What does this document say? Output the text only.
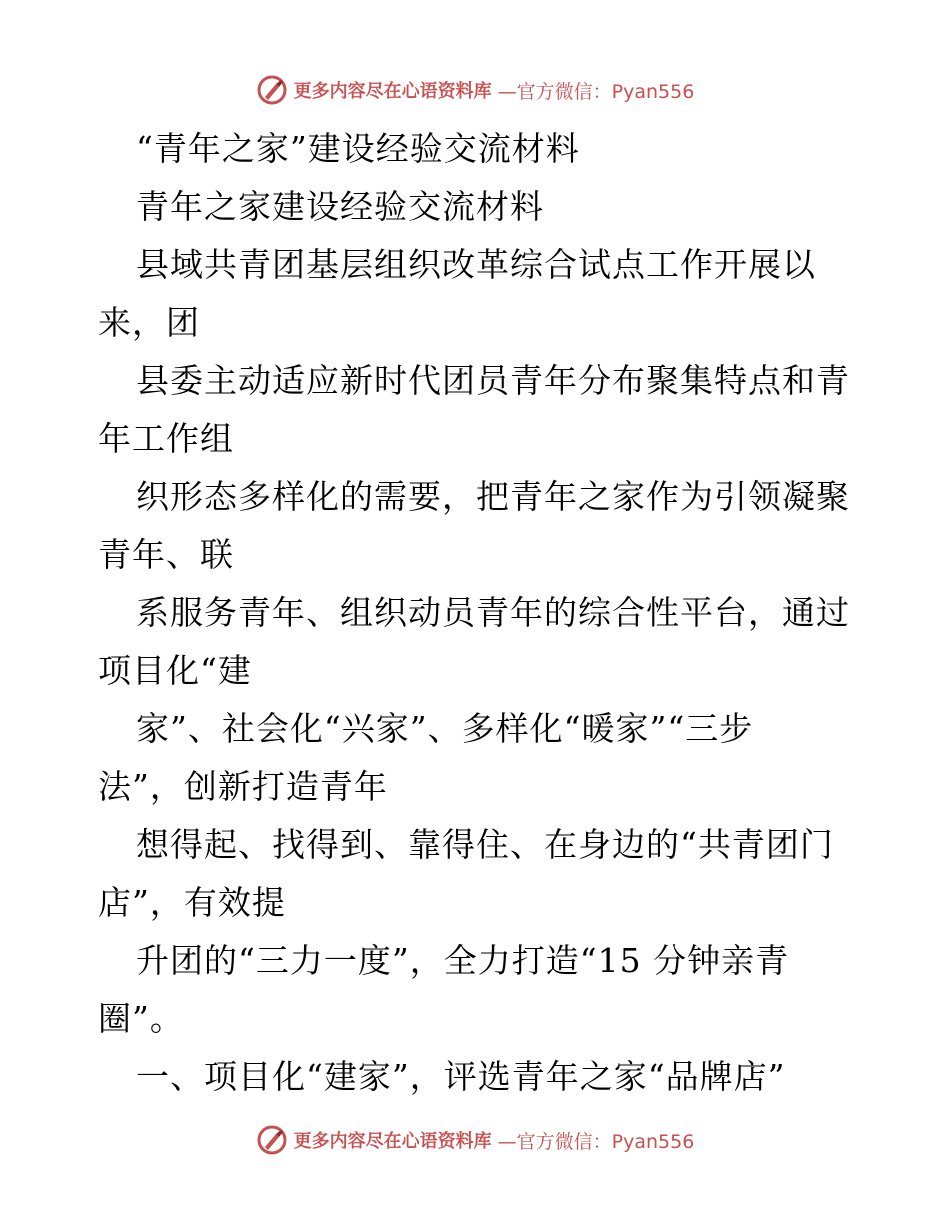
更多内容尽在心语资料库 —官方微信：Pyan556
“青年之家”建设经验交流材料
青年之家建设经验交流材料
县域共青团基层组织改革综合试点工作开展以
来，团
县委主动适应新时代团员青年分布聚集特点和青
年工作组
织形态多样化的需要，把青年之家作为引领凝聚
青年、联
系服务青年、组织动员青年的综合性平台，通过
项目化“建
家”、社会化“兴家”、多样化“暖家”“三步
法”，创新打造青年
想得起、找得到、靠得住、在身边的“共青团门
店”，有效提
升团的“三力一度”，全力打造“15 分钟亲青
圈”。
一、项目化“建家”，评选青年之家“品牌店”
更多内容尽在心语资料库 —官方微信：Pyan556
